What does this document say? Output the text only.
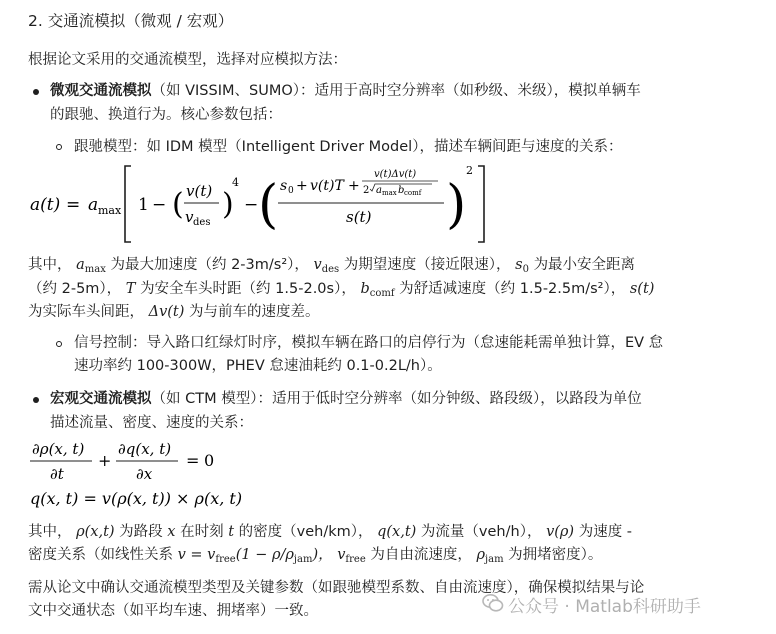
2. 交通流模拟（微观 / 宏观）
根据论文采用的交通流模型，选择对应模拟方法：
微观交通流模拟（如 VISSIM、SUMO）：适用于高时空分辨率（如秒级、米级），模拟单辆车
的跟驰、换道行为。核心参数包括：
跟驰模型：如 IDM 模型（Intelligent Driver Model），描述车辆间距与速度的关系：
a(t) = a max 1 − ( v(t)
v des
)
4
− ( s 0 + v(t)T +
v(t)Δv(t)
2 a max b comf
s(t) )
2
其中， $a_{max}$ 为最大加速度（约 2-3m/s²）， $v_{des}$ 为期望速度（接近限速）， $s_0$ 为最小安全距离
（约 2-5m）， T 为安全车头时距（约 1.5-2.0s）， $b_{comf}$ 为舒适减速度（约 1.5-2.5m/s²）， s(t)
为实际车头间距， Δv(t) 为与前车的速度差。
信号控制：导入路口红绿灯时序，模拟车辆在路口的启停行为（怠速能耗需单独计算，EV 怠
速功率约 100-300W，PHEV 怠速油耗约 0.1-0.2L/h）。
宏观交通流模拟（如 CTM 模型）：适用于低时空分辨率（如分钟级、路段级），以路段为单位
描述流量、密度、速度的关系：
∂ρ(x, t)
∂t
+
∂q(x, t)
∂x
= 0
q(x, t) = v(ρ(x, t)) × ρ(x, t)
其中， ρ(x,t) 为路段 x 在时刻 t 的密度（veh/km）， q(x,t) 为流量（veh/h）， v(ρ) 为速度 -
密度关系（如线性关系 $v = v_{free}(1 - \rho/\rho_{jam})$， $v_{free}$ 为自由流速度， $\rho_{jam}$ 为拥堵密度）。
需从论文中确认交通流模型类型及关键参数（如跟驰模型系数、自由流速度），确保模拟结果与论
文中交通状态（如平均车速、拥堵率）一致。	公众号 · Matlab科研助手
